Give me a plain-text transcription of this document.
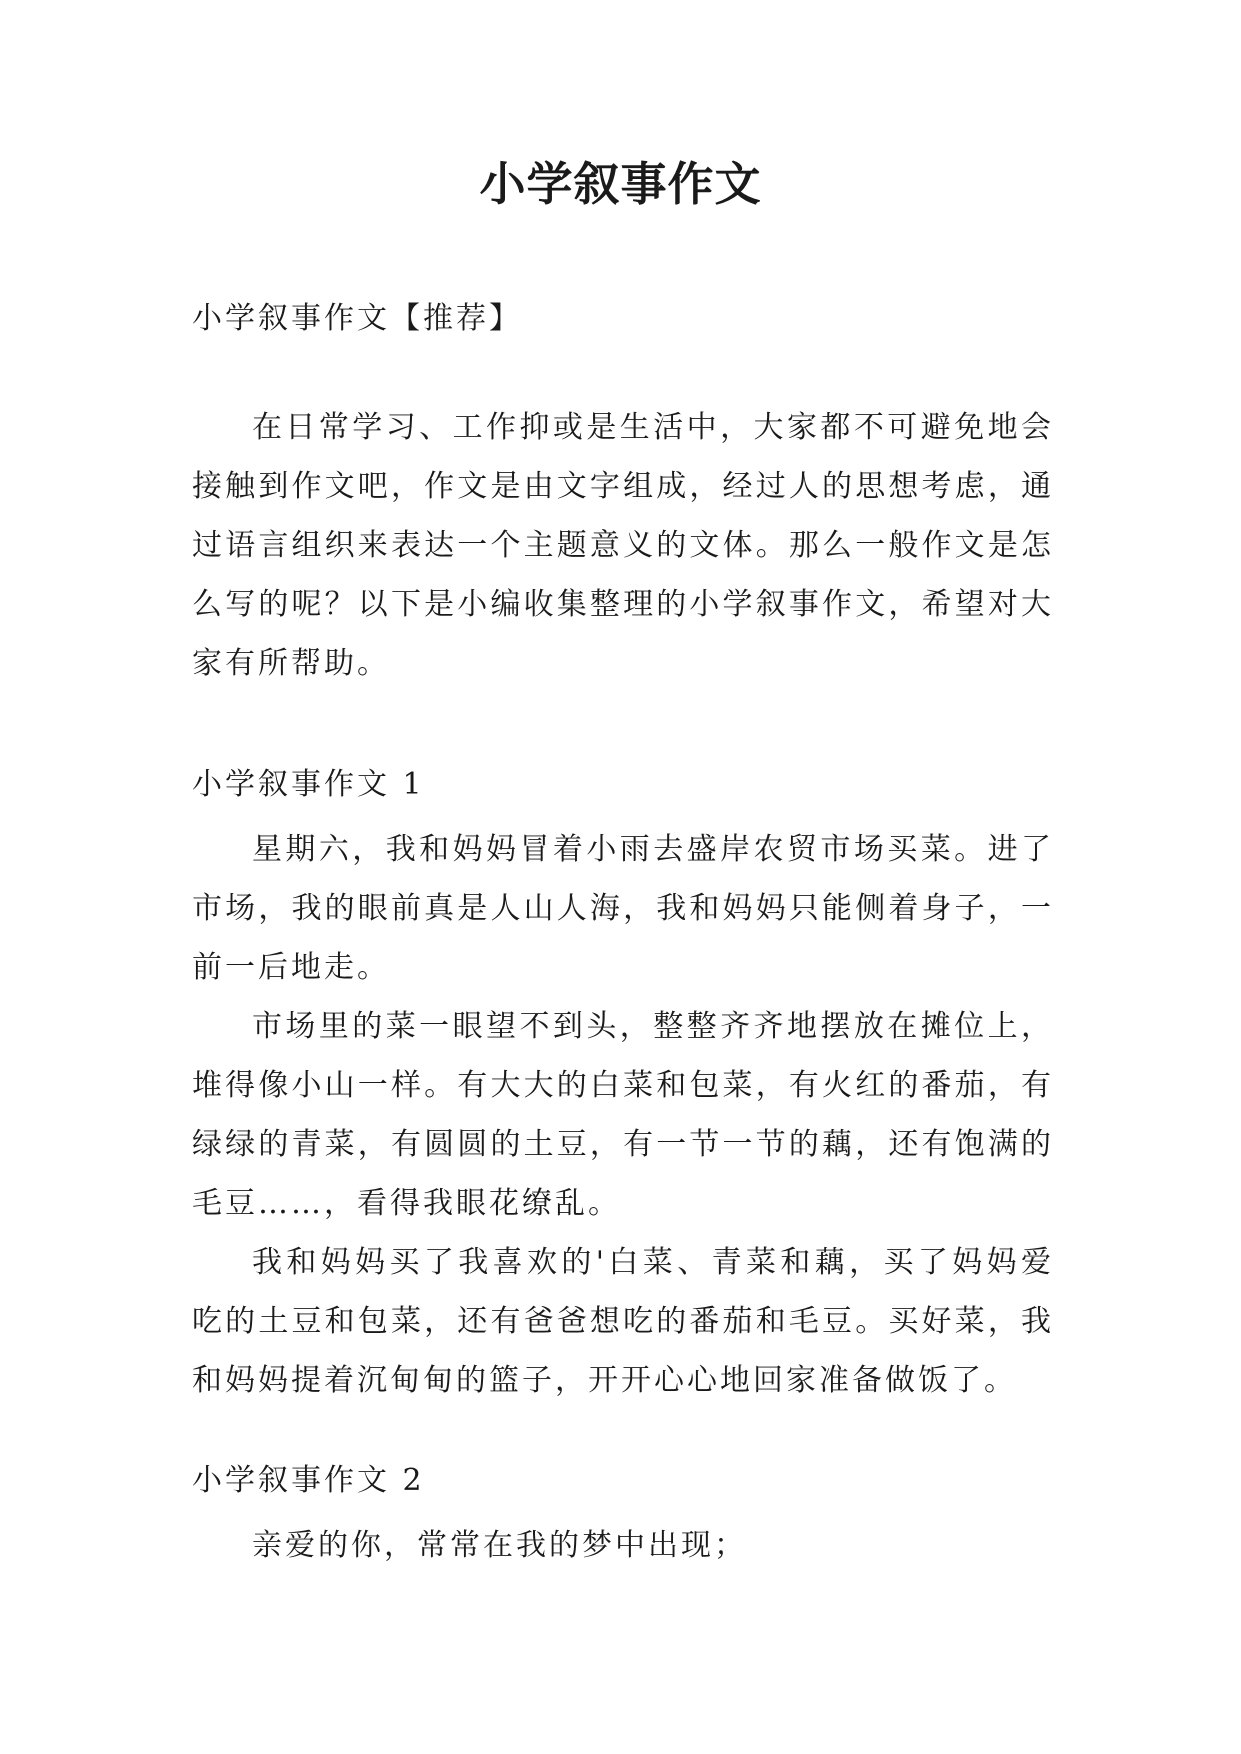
小学叙事作文

小学叙事作文【推荐】

在日常学习、工作抑或是生活中，大家都不可避免地会接触到作文吧，作文是由文字组成，经过人的思想考虑，通过语言组织来表达一个主题意义的文体。那么一般作文是怎么写的呢？以下是小编收集整理的小学叙事作文，希望对大家有所帮助。

小学叙事作文 1

星期六，我和妈妈冒着小雨去盛岸农贸市场买菜。进了市场，我的眼前真是人山人海，我和妈妈只能侧着身子，一前一后地走。

市场里的菜一眼望不到头，整整齐齐地摆放在摊位上，堆得像小山一样。有大大的白菜和包菜，有火红的番茄，有绿绿的青菜，有圆圆的土豆，有一节一节的藕，还有饱满的毛豆……，看得我眼花缭乱。

我和妈妈买了我喜欢的'白菜、青菜和藕，买了妈妈爱吃的土豆和包菜，还有爸爸想吃的番茄和毛豆。买好菜，我和妈妈提着沉甸甸的篮子，开开心心地回家准备做饭了。

小学叙事作文 2

亲爱的你，常常在我的梦中出现；
